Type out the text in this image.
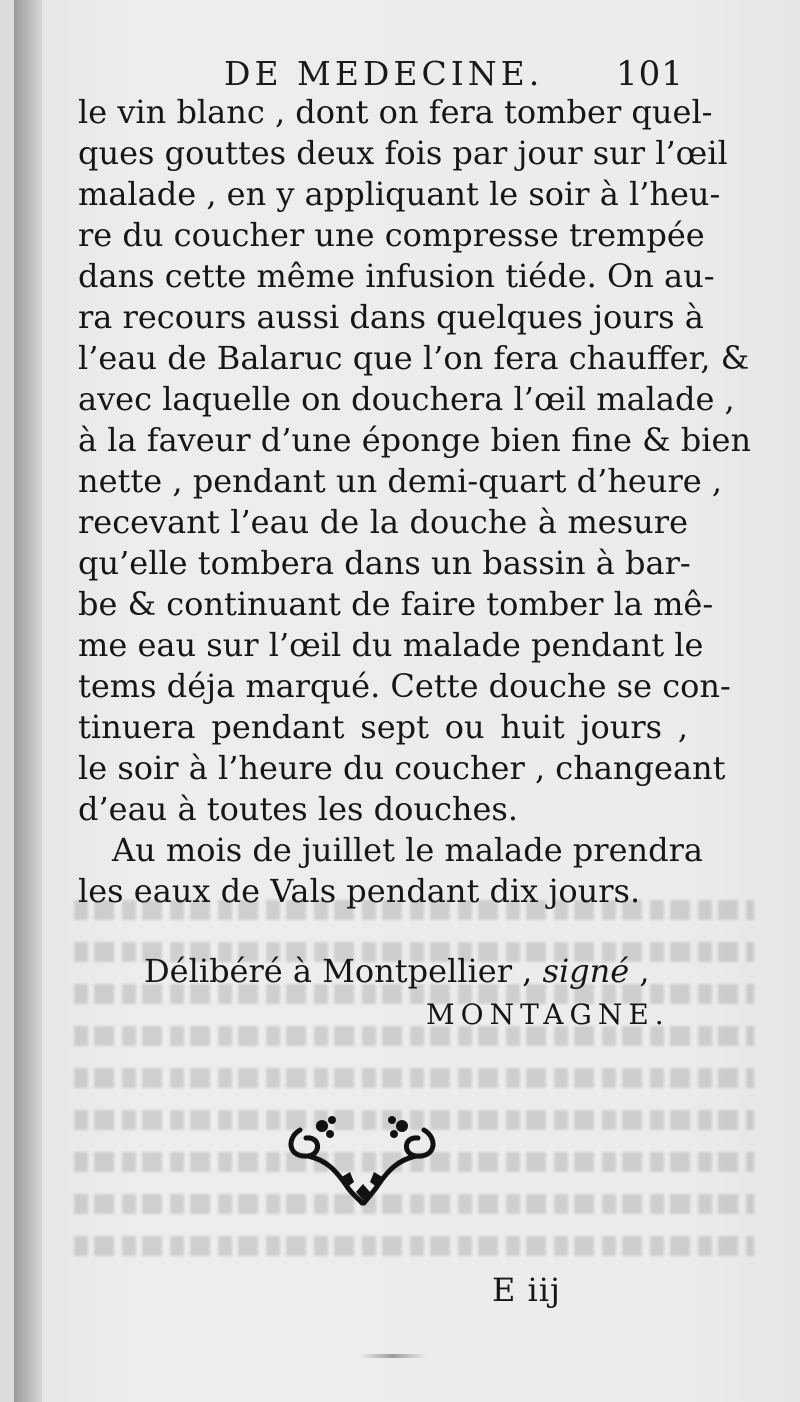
DE MEDECINE.	101
le vin blanc , dont on fera tomber quel-
ques gouttes deux fois par jour sur l’œil
malade , en y appliquant le soir à l’heu-
re du coucher une compresse trempée
dans cette même infusion tiéde. On au-
ra recours aussi dans quelques jours à
l’eau de Balaruc que l’on fera chauffer, &
avec laquelle on douchera l’œil malade ,
à la faveur d’une éponge bien fine & bien
nette , pendant un demi-quart d’heure ,
recevant l’eau de la douche à mesure
qu’elle tombera dans un bassin à bar-
be & continuant de faire tomber la mê-
me eau sur l’œil du malade pendant le
tems déja marqué. Cette douche se con-
tinuera pendant sept ou huit jours ,
le soir à l’heure du coucher , changeant
d’eau à toutes les douches.
Au mois de juillet le malade prendra
les eaux de Vals pendant dix jours.
Délibéré à Montpellier , signé ,
MONTAGNE.
E iij
